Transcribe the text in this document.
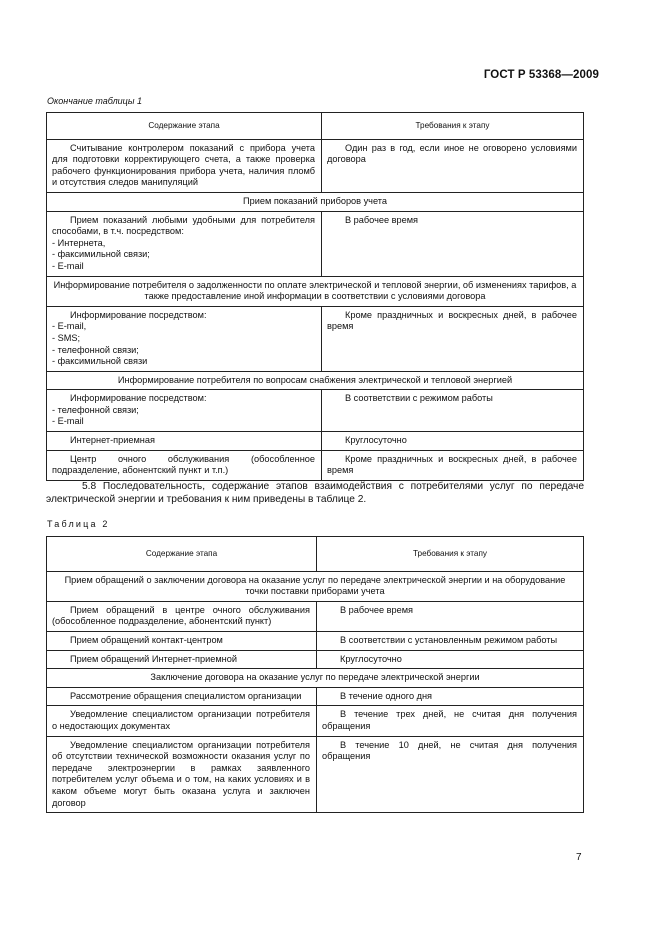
ГОСТ Р 53368—2009
Окончание таблицы 1
Содержание этапа	Требования к этапу

Считывание контролером показаний с прибора учета для подготовки корректирующего счета, а также проверка рабочего функционирования прибора учета, наличия пломб и отсутствия следов манипуляций	Один раз в год, если иное не оговорено условиями договора

Прием показаний приборов учета	

Прием показаний любыми удобными для потребителя способами, в т.ч. посредством:
- Интернета,
- факсимильной связи;
- E-mail	В рабочее время

Информирование потребителя о задолженности по оплате электрической и тепловой энергии, об изменениях тарифов, а также предоставление иной информации в соответствии с условиями договора	

Информирование посредством:
- E-mail,
- SMS;
- телефонной связи;
- факсимильной связи	Кроме праздничных и воскресных дней, в рабочее время

Информирование потребителя по вопросам снабжения электрической и тепловой энергией	

Информирование посредством:
- телефонной связи;
- E-mail	В соответствии с режимом работы

Интернет-приемная	Круглосуточно

Центр очного обслуживания (обособленное подразделение, абонентский пункт и т.п.)	Кроме праздничных и воскресных дней, в рабочее время
5.8 Последовательность, содержание этапов взаимодействия с потребителями услуг по передаче электрической энергии и требования к ним приведены в таблице 2.
Таблица 2
Содержание этапа	Требования к этапу
Прием обращений о заключении договора на оказание услуг по передаче электрической энергии и на оборудование точки поставки приборами учета	

Прием обращений в центре очного обслуживания (обособленное подразделение, абонентский пункт)	В рабочее время

Прием обращений контакт-центром	В соответствии с установленным режимом работы

Прием обращений Интернет-приемной	Круглосуточно

Заключение договора на оказание услуг по передаче электрической энергии	

Рассмотрение обращения специалистом организации	В течение одного дня

Уведомление специалистом организации потребителя о недостающих документах	В течение трех дней, не считая дня получения обращения

Уведомление специалистом организации потребителя об отсутствии технической возможности оказания услуг по передаче электроэнергии в рамках заявленного потребителем услуг объема и о том, на каких условиях и в каком объеме могут быть оказана услуга и заключен договор	В течение 10 дней, не считая дня получения обращения
7
